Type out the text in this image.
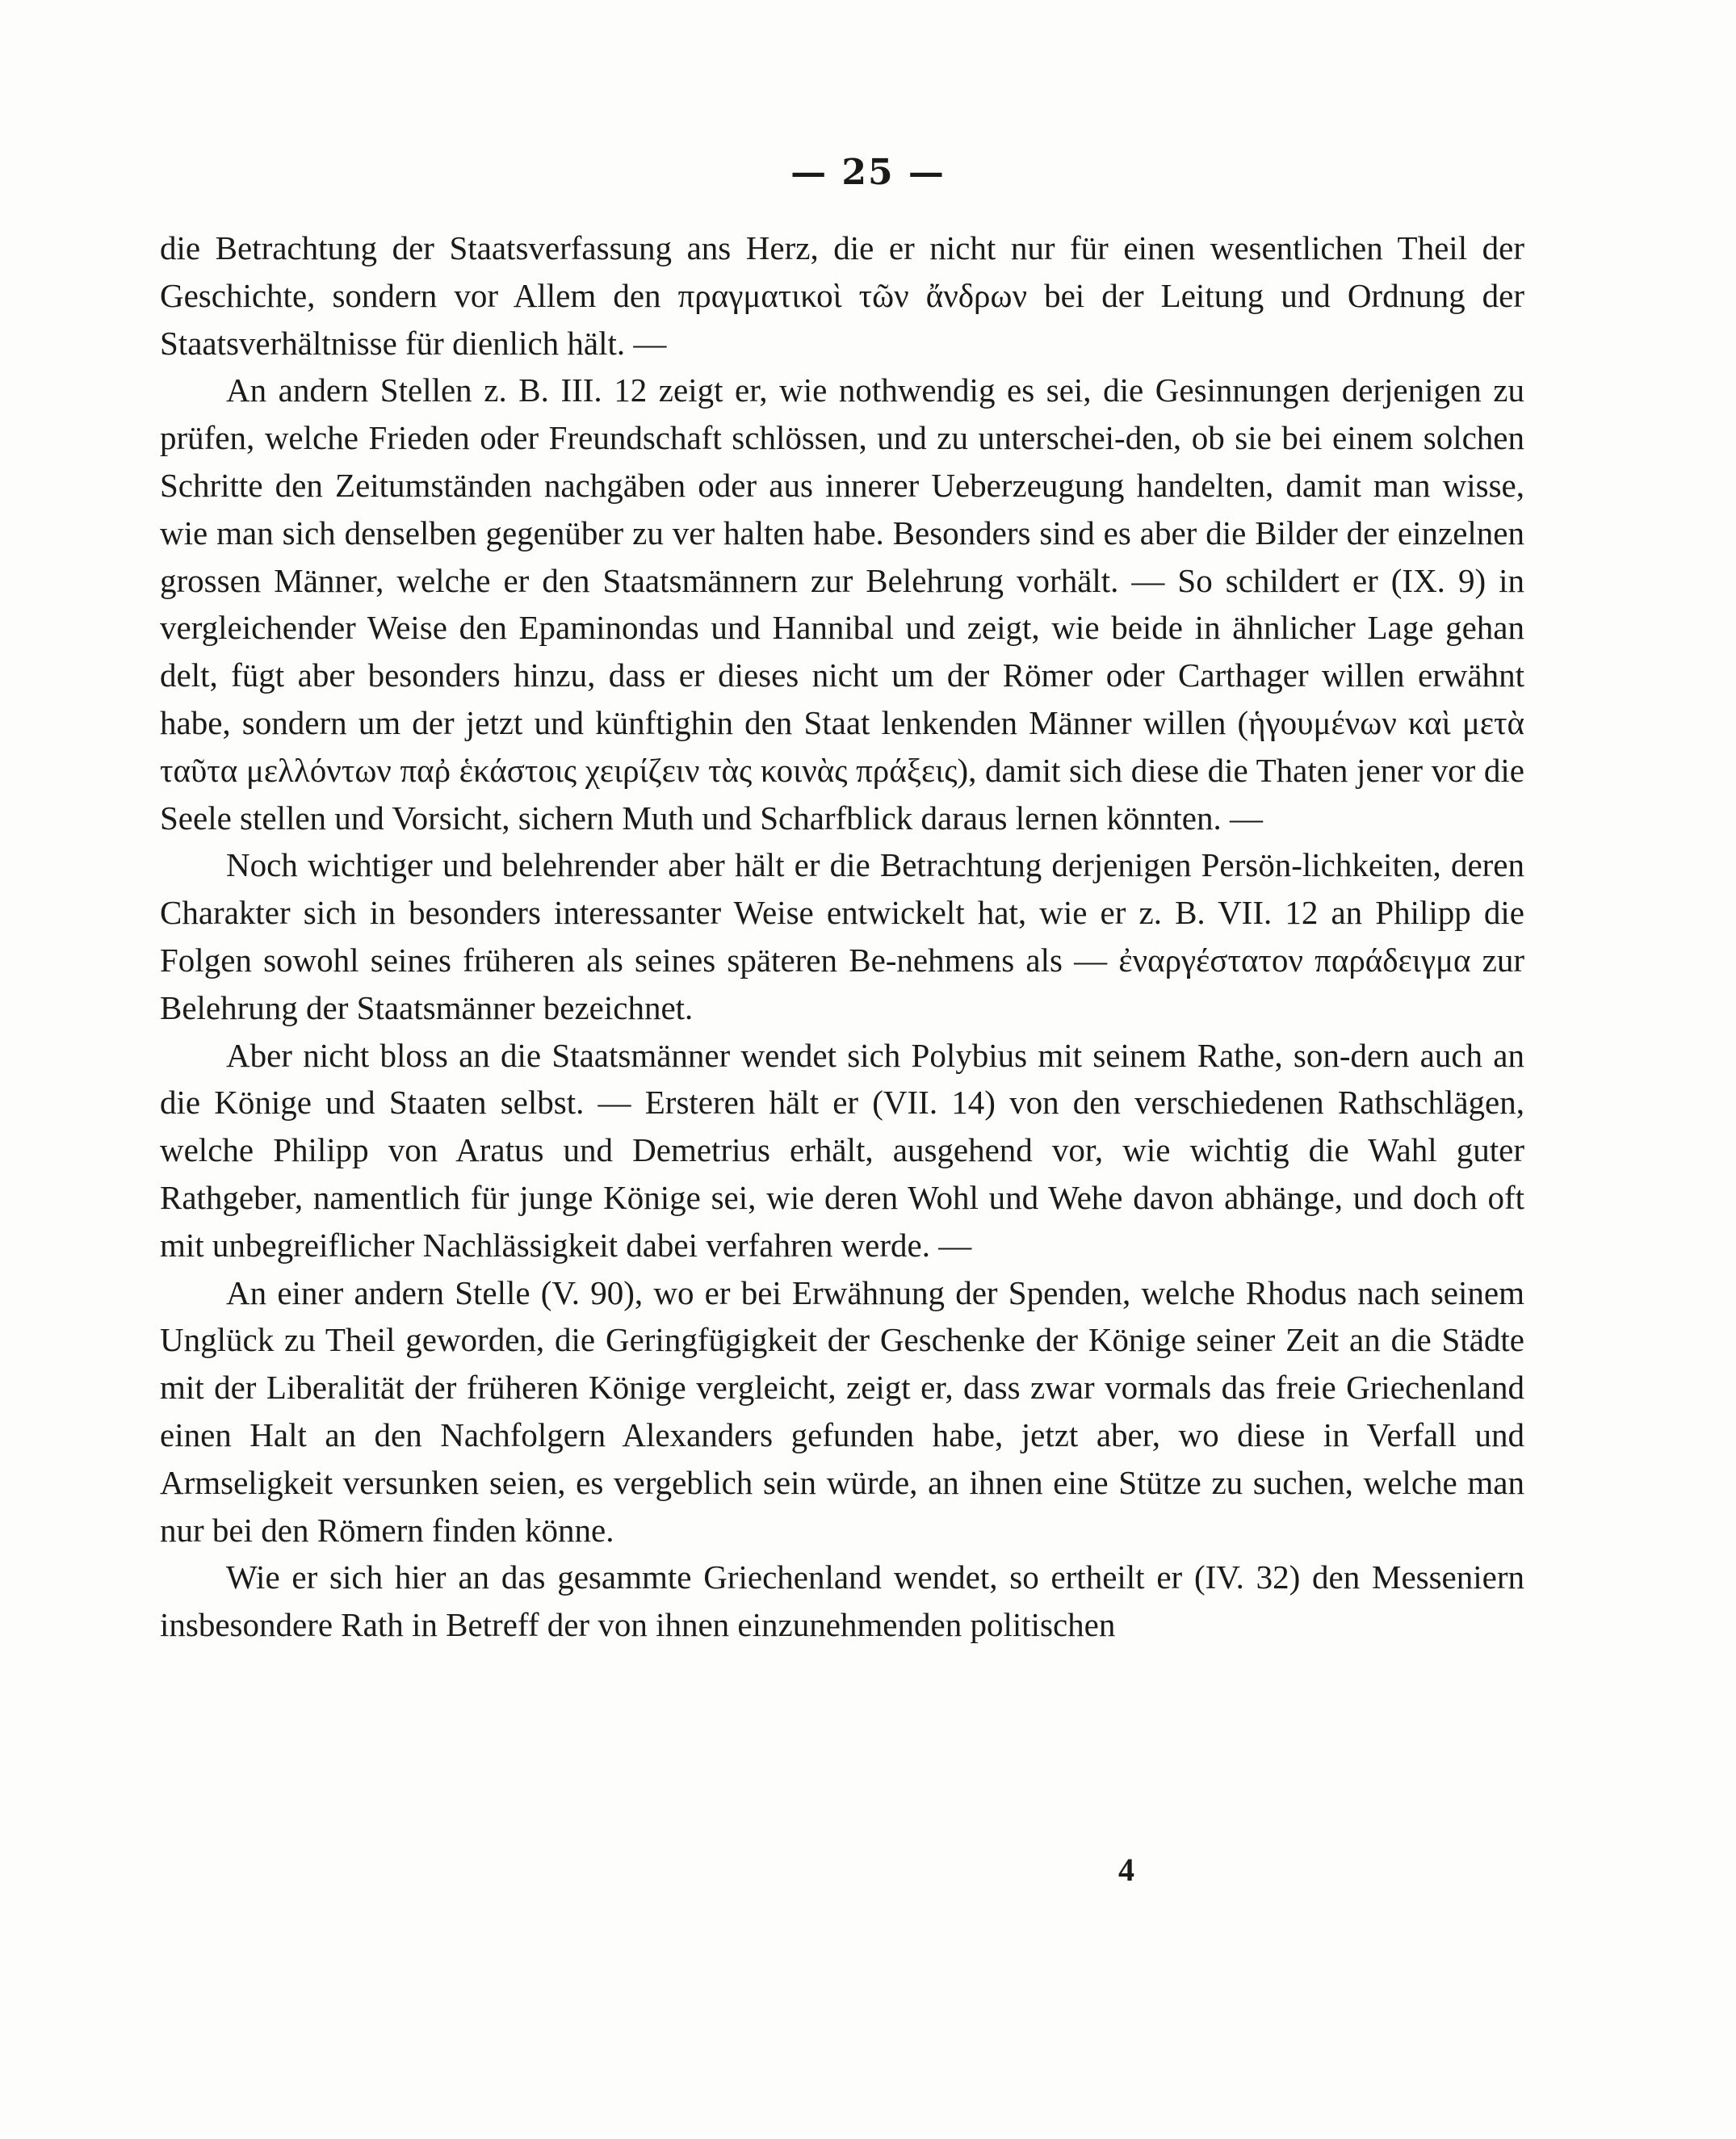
— 25 —

die Betrachtung der Staatsverfassung ans Herz, die er nicht nur für einen wesentlichen Theil der Geschichte, sondern vor Allem den πραγματικοὶ τῶν ἄνδρων bei der Leitung und Ordnung der Staatsverhältnisse für dienlich hält. —

An andern Stellen z. B. III. 12 zeigt er, wie nothwendig es sei, die Gesinnungen derjenigen zu prüfen, welche Frieden oder Freundschaft schlössen, und zu unterschei-den, ob sie bei einem solchen Schritte den Zeitumständen nachgäben oder aus innerer Ueberzeugung handelten, damit man wisse, wie man sich denselben gegenüber zu ver halten habe. Besonders sind es aber die Bilder der einzelnen grossen Männer, welche er den Staatsmännern zur Belehrung vorhält. — So schildert er (IX. 9) in vergleichender Weise den Epaminondas und Hannibal und zeigt, wie beide in ähnlicher Lage gehan delt, fügt aber besonders hinzu, dass er dieses nicht um der Römer oder Carthager willen erwähnt habe, sondern um der jetzt und künftighin den Staat lenkenden Männer willen (ἡγουμένων καὶ μετὰ ταῦτα μελλόντων παῤ ἑκάστοις χειρίζειν τὰς κοινὰς πράξεις), damit sich diese die Thaten jener vor die Seele stellen und Vorsicht, sichern Muth und Scharfblick daraus lernen könnten. —

Noch wichtiger und belehrender aber hält er die Betrachtung derjenigen Persön-lichkeiten, deren Charakter sich in besonders interessanter Weise entwickelt hat, wie er z. B. VII. 12 an Philipp die Folgen sowohl seines früheren als seines späteren Be-nehmens als — ἐναργέστατον παράδειγμα zur Belehrung der Staatsmänner bezeichnet.

Aber nicht bloss an die Staatsmänner wendet sich Polybius mit seinem Rathe, son-dern auch an die Könige und Staaten selbst. — Ersteren hält er (VII. 14) von den verschiedenen Rathschlägen, welche Philipp von Aratus und Demetrius erhält, ausgehend vor, wie wichtig die Wahl guter Rathgeber, namentlich für junge Könige sei, wie deren Wohl und Wehe davon abhänge, und doch oft mit unbegreiflicher Nachlässigkeit dabei verfahren werde. —

An einer andern Stelle (V. 90), wo er bei Erwähnung der Spenden, welche Rhodus nach seinem Unglück zu Theil geworden, die Geringfügigkeit der Geschenke der Könige seiner Zeit an die Städte mit der Liberalität der früheren Könige vergleicht, zeigt er, dass zwar vormals das freie Griechenland einen Halt an den Nachfolgern Alexanders gefunden habe, jetzt aber, wo diese in Verfall und Armseligkeit versunken seien, es vergeblich sein würde, an ihnen eine Stütze zu suchen, welche man nur bei den Römern finden könne.

Wie er sich hier an das gesammte Griechenland wendet, so ertheilt er (IV. 32) den Messeniern insbesondere Rath in Betreff der von ihnen einzunehmenden politischen

4
